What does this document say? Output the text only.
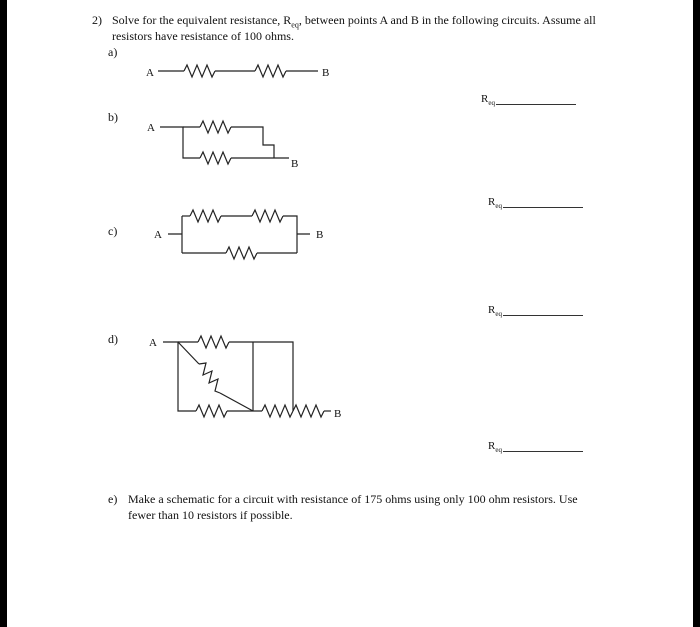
2) Solve for the equivalent resistance, $R_{eq}$, between points A and B in the following circuits. Assume all
resistors have resistance of 100 ohms.
a)
b)
c)
d)
A	B
A
B
A	B
A
B
R eq
R eq
R eq
R eq
e) Make a schematic for a circuit with resistance of 175 ohms using only 100 ohm resistors. Use
fewer than 10 resistors if possible.
